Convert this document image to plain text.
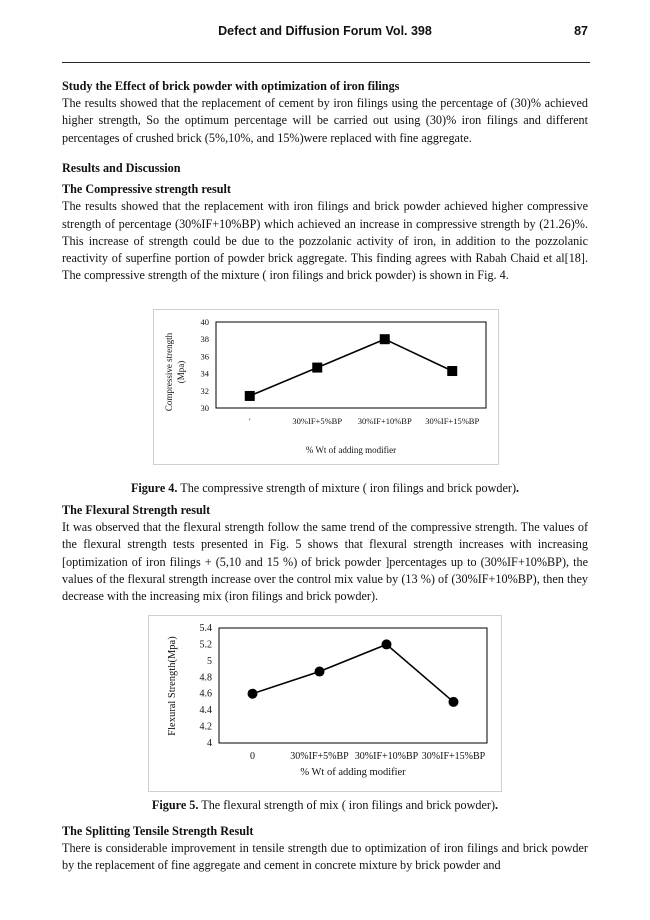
Defect and Diffusion Forum Vol. 398	87
Study the Effect of brick powder with optimization of iron filings

The results showed that the replacement of cement by iron filings using the percentage of (30)% achieved higher strength, So the optimum percentage will be carried out using (30)% iron filings and different percentages of crushed brick (5%,10%, and 15%)were replaced with fine aggregate.

Results and Discussion
The Compressive strength result

The results showed that the replacement with iron filings and brick powder achieved higher compressive strength of percentage (30%IF+10%BP) which achieved an increase in compressive strength by (21.26)%. This increase of strength could be due to the pozzolanic activity of iron, in addition to the pozzolanic reactivity of superfine portion of powder brick aggregate. This finding agrees with Rabah Chaid et al[18]. The compressive strength of the mixture ( iron filings and brick powder) is shown in Fig. 4.

30
32
34
36
38
40
'	30%IF+5%BP 30%IF+10%BP 30%IF+15%BP
% Wt of adding modifier
Compressive strength (Mpa)
Figure 4. The compressive strength of mixture ( iron filings and brick powder).
The Flexural Strength result

It was observed that the flexural strength follow the same trend of the compressive strength. The values of the flexural strength tests presented in Fig. 5 shows that flexural strength increases with increasing [optimization of iron filings + (5,10 and 15 %) of brick powder ]percentages up to (30%IF+10%BP), the values of the flexural strength increase over the control mix value by (13 %) of (30%IF+10%BP), then they decrease with the increasing mix (iron filings and brick powder).

4
4.2
4.4
4.6
4.8
5
5.2
5.4
0	30%IF+5%BP 30%IF+10%BP 30%IF+15%BP
% Wt of adding modifier
Flexural Strength(Mpa)
Figure 5. The flexural strength of mix ( iron filings and brick powder).
The Splitting Tensile Strength Result

There is considerable improvement in tensile strength due to optimization of iron filings and brick powder by the replacement of fine aggregate and cement in concrete mixture by brick powder and
